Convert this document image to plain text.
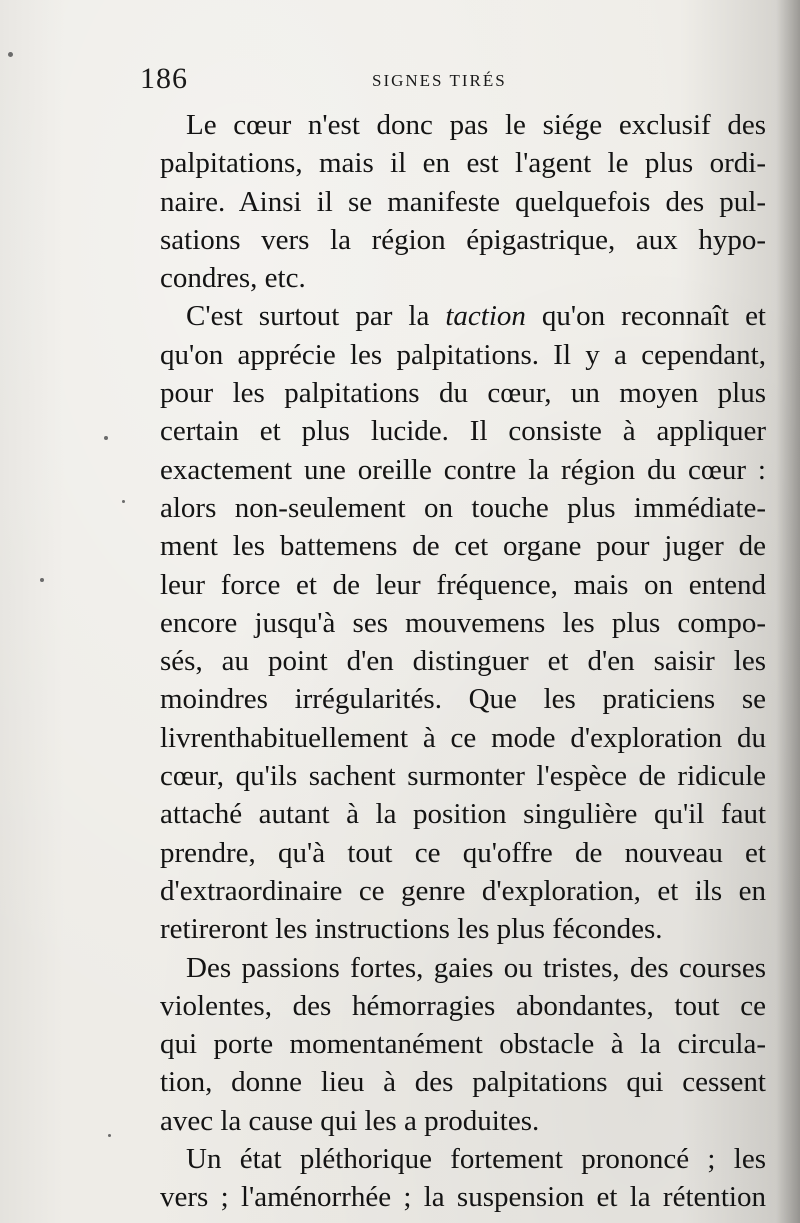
186	SIGNES TIRÉS
Le cœur n'est donc pas le siége exclusif des
palpitations, mais il en est l'agent le plus ordi-
naire. Ainsi il se manifeste quelquefois des pul-
sations vers la région épigastrique, aux hypo-
condres, etc.
C'est surtout par la taction qu'on reconnaît et
qu'on apprécie les palpitations. Il y a cependant,
pour les palpitations du cœur, un moyen plus
certain et plus lucide. Il consiste à appliquer
exactement une oreille contre la région du cœur :
alors non-seulement on touche plus immédiate-
ment les battemens de cet organe pour juger de
leur force et de leur fréquence, mais on entend
encore jusqu'à ses mouvemens les plus compo-
sés, au point d'en distinguer et d'en saisir les
moindres irrégularités. Que les praticiens se
livrenthabituellement à ce mode d'exploration du
cœur, qu'ils sachent surmonter l'espèce de ridicule
attaché autant à la position singulière qu'il faut
prendre, qu'à tout ce qu'offre de nouveau et
d'extraordinaire ce genre d'exploration, et ils en
retireront les instructions les plus fécondes.
Des passions fortes, gaies ou tristes, des courses
violentes, des hémorragies abondantes, tout ce
qui porte momentanément obstacle à la circula-
tion, donne lieu à des palpitations qui cessent
avec la cause qui les a produites.
Un état pléthorique fortement prononcé ; les
vers ; l'aménorrhée ; la suspension et la rétention
